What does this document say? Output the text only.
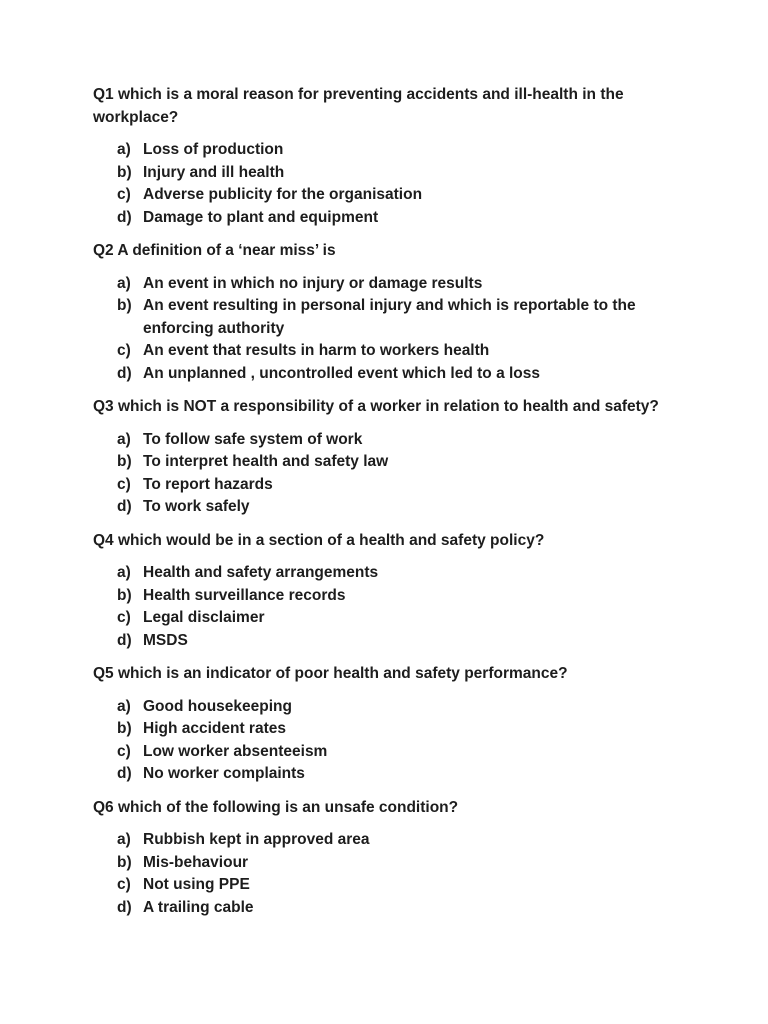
Q1 which is a moral reason for preventing accidents and ill-health in the workplace?
a) Loss of production
b) Injury and ill health
c) Adverse publicity for the organisation
d) Damage to plant and equipment
Q2 A definition of a ‘near miss’ is
a) An event in which no injury or damage results
b) An event resulting in personal injury and which is reportable to the enforcing authority
c) An event that results in harm to workers health
d) An unplanned , uncontrolled event which led to a loss
Q3 which is NOT a responsibility of a worker in relation to health and safety?
a) To follow safe system of work
b) To interpret health and safety law
c) To report hazards
d) To work safely
Q4 which would be in a section of a health and safety policy?
a) Health and safety arrangements
b) Health surveillance records
c) Legal disclaimer
d) MSDS
Q5 which is an indicator of poor health and safety performance?
a) Good housekeeping
b) High accident rates
c) Low worker absenteeism
d) No worker complaints
Q6 which of the following is an unsafe condition?
a) Rubbish kept in approved area
b) Mis-behaviour
c) Not using PPE
d) A trailing cable
